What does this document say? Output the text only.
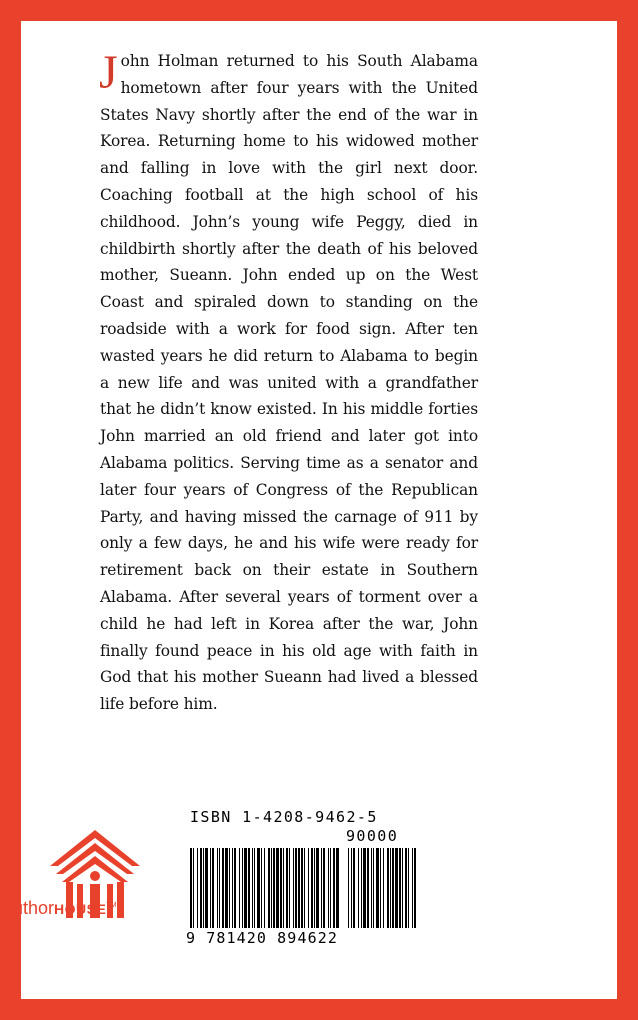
John Holman returned to his South Alabama hometown after four years with the United States Navy shortly after the end of the war in Korea. Returning home to his widowed mother and falling in love with the girl next door. Coaching football at the high school of his childhood. John’s young wife Peggy, died in childbirth shortly after the death of his beloved mother, Sueann. John ended up on the West Coast and spiraled down to standing on the roadside with a work for food sign. After ten wasted years he did return to Alabama to begin a new life and was united with a grandfather that he didn’t know existed. In his middle forties John married an old friend and later got into Alabama politics. Serving time as a senator and later four years of Congress of the Republican Party, and having missed the carnage of 911 by only a few days, he and his wife were ready for retirement back on their estate in Southern Alabama. After several years of torment over a child he had left in Korea after the war, John finally found peace in his old age with faith in God that his mother Sueann had lived a blessed life before him.

authorHOUSE™
ISBN 1-4208-9462-5
90000
9 781420 894622
